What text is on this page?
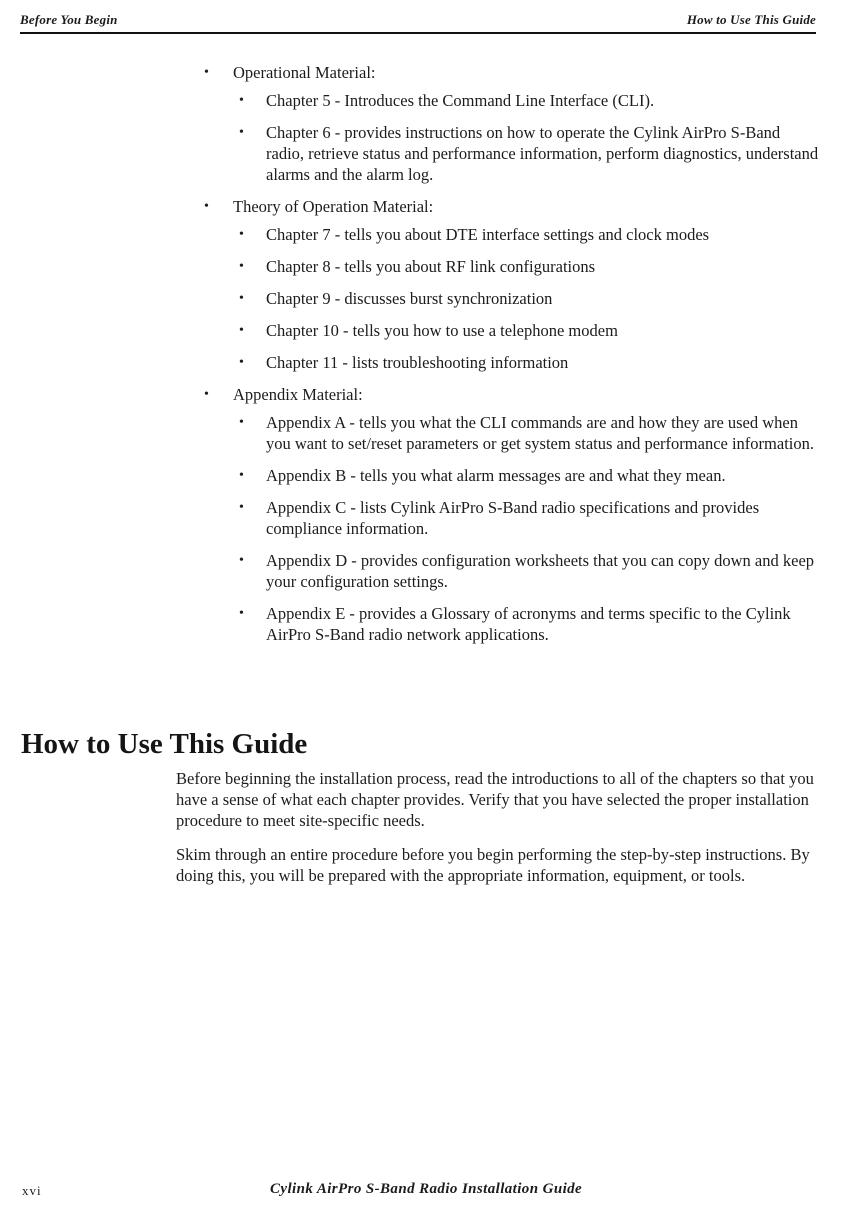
Before You Begin	How to Use This Guide
• Operational Material:
• Chapter 5 - Introduces the Command Line Interface (CLI).
• Chapter 6 - provides instructions on how to operate the Cylink AirPro S-Band radio, retrieve status and performance information, perform diagnostics, understand alarms and the alarm log.
• Theory of Operation Material:
• Chapter 7 - tells you about DTE interface settings and clock modes
• Chapter 8 - tells you about RF link configurations
• Chapter 9 - discusses burst synchronization
• Chapter 10 - tells you how to use a telephone modem
• Chapter 11 - lists troubleshooting information
• Appendix Material:
• Appendix A - tells you what the CLI commands are and how they are used when you want to set/reset parameters or get system status and performance information.
• Appendix B - tells you what alarm messages are and what they mean.
• Appendix C - lists Cylink AirPro S-Band radio specifications and provides compliance information.
• Appendix D - provides configuration worksheets that you can copy down and keep your configuration settings.
• Appendix E - provides a Glossary of acronyms and terms specific to the Cylink AirPro S-Band radio network applications.
How to Use This Guide

Before beginning the installation process, read the introductions to all of the chapters so that you have a sense of what each chapter provides. Verify that you have selected the proper installation procedure to meet site-specific needs.

Skim through an entire procedure before you begin performing the step-by-step instructions. By doing this, you will be prepared with the appropriate information, equipment, or tools.

xvi	Cylink AirPro S-Band Radio Installation Guide
